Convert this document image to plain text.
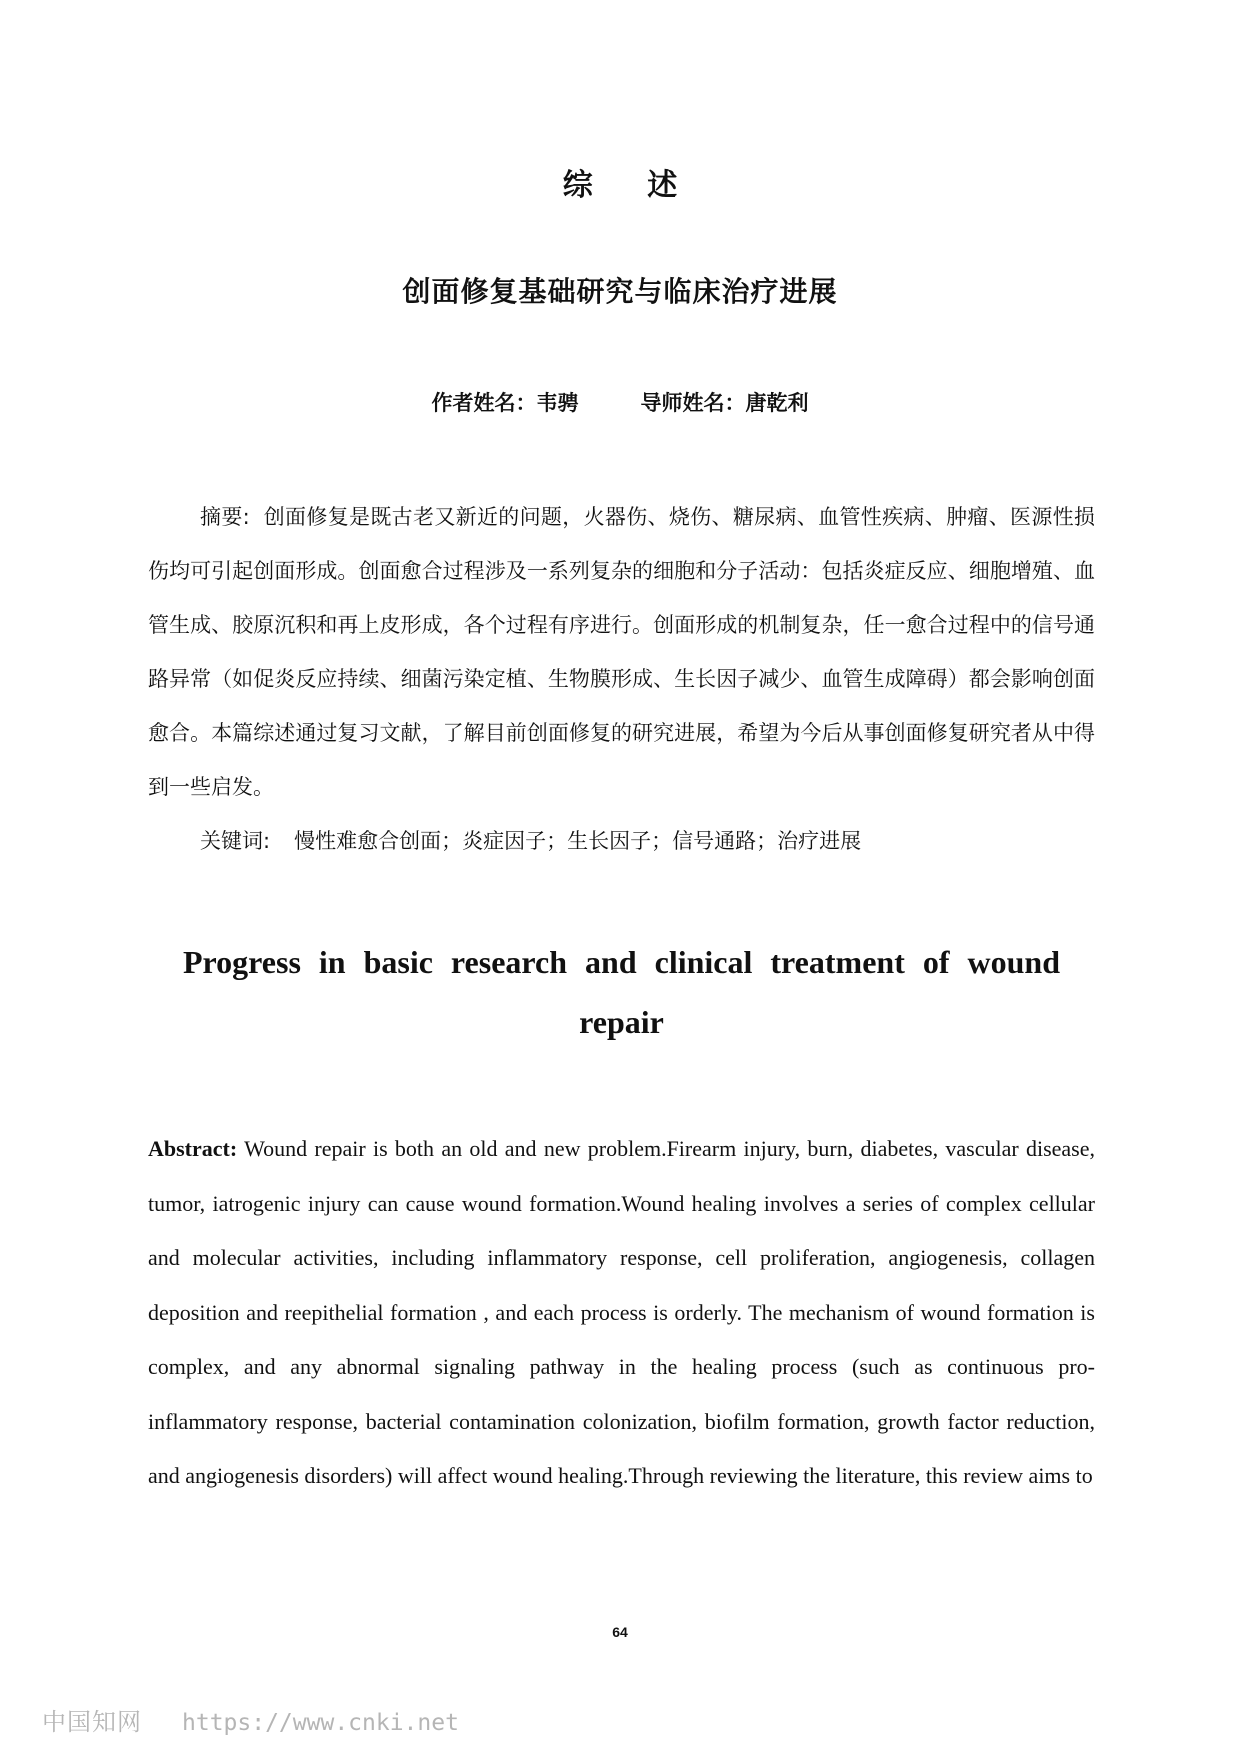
综 述
创面修复基础研究与临床治疗进展
作者姓名：韦骋	导师姓名：唐乾利

摘要: 创面修复是既古老又新近的问题，火器伤、烧伤、糖尿病、血管性疾病、肿瘤、医源性损伤均可引起创面形成。创面愈合过程涉及一系列复杂的细胞和分子活动：包括炎症反应、细胞增殖、血管生成、胶原沉积和再上皮形成，各个过程有序进行。创面形成的机制复杂，任一愈合过程中的信号通路异常（如促炎反应持续、细菌污染定植、生物膜形成、生长因子减少、血管生成障碍）都会影响创面愈合。本篇综述通过复习文献，了解目前创面修复的研究进展，希望为今后从事创面修复研究者从中得到一些启发。

关键词: 慢性难愈合创面；炎症因子；生长因子；信号通路；治疗进展

Progress in basic research and clinical treatment of wound repair

Abstract: Wound repair is both an old and new problem.Firearm injury, burn, diabetes, vascular disease, tumor, iatrogenic injury can cause wound formation.Wound healing involves a series of complex cellular and molecular activities, including inflammatory response, cell proliferation, angiogenesis, collagen deposition and reepithelial formation , and each process is orderly. The mechanism of wound formation is complex, and any abnormal signaling pathway in the healing process (such as continuous pro-inflammatory response, bacterial contamination colonization, biofilm formation, growth factor reduction, and angiogenesis disorders) will affect wound healing.Through reviewing the literature, this review aims to

64
中国知网 https://www.cnki.net
